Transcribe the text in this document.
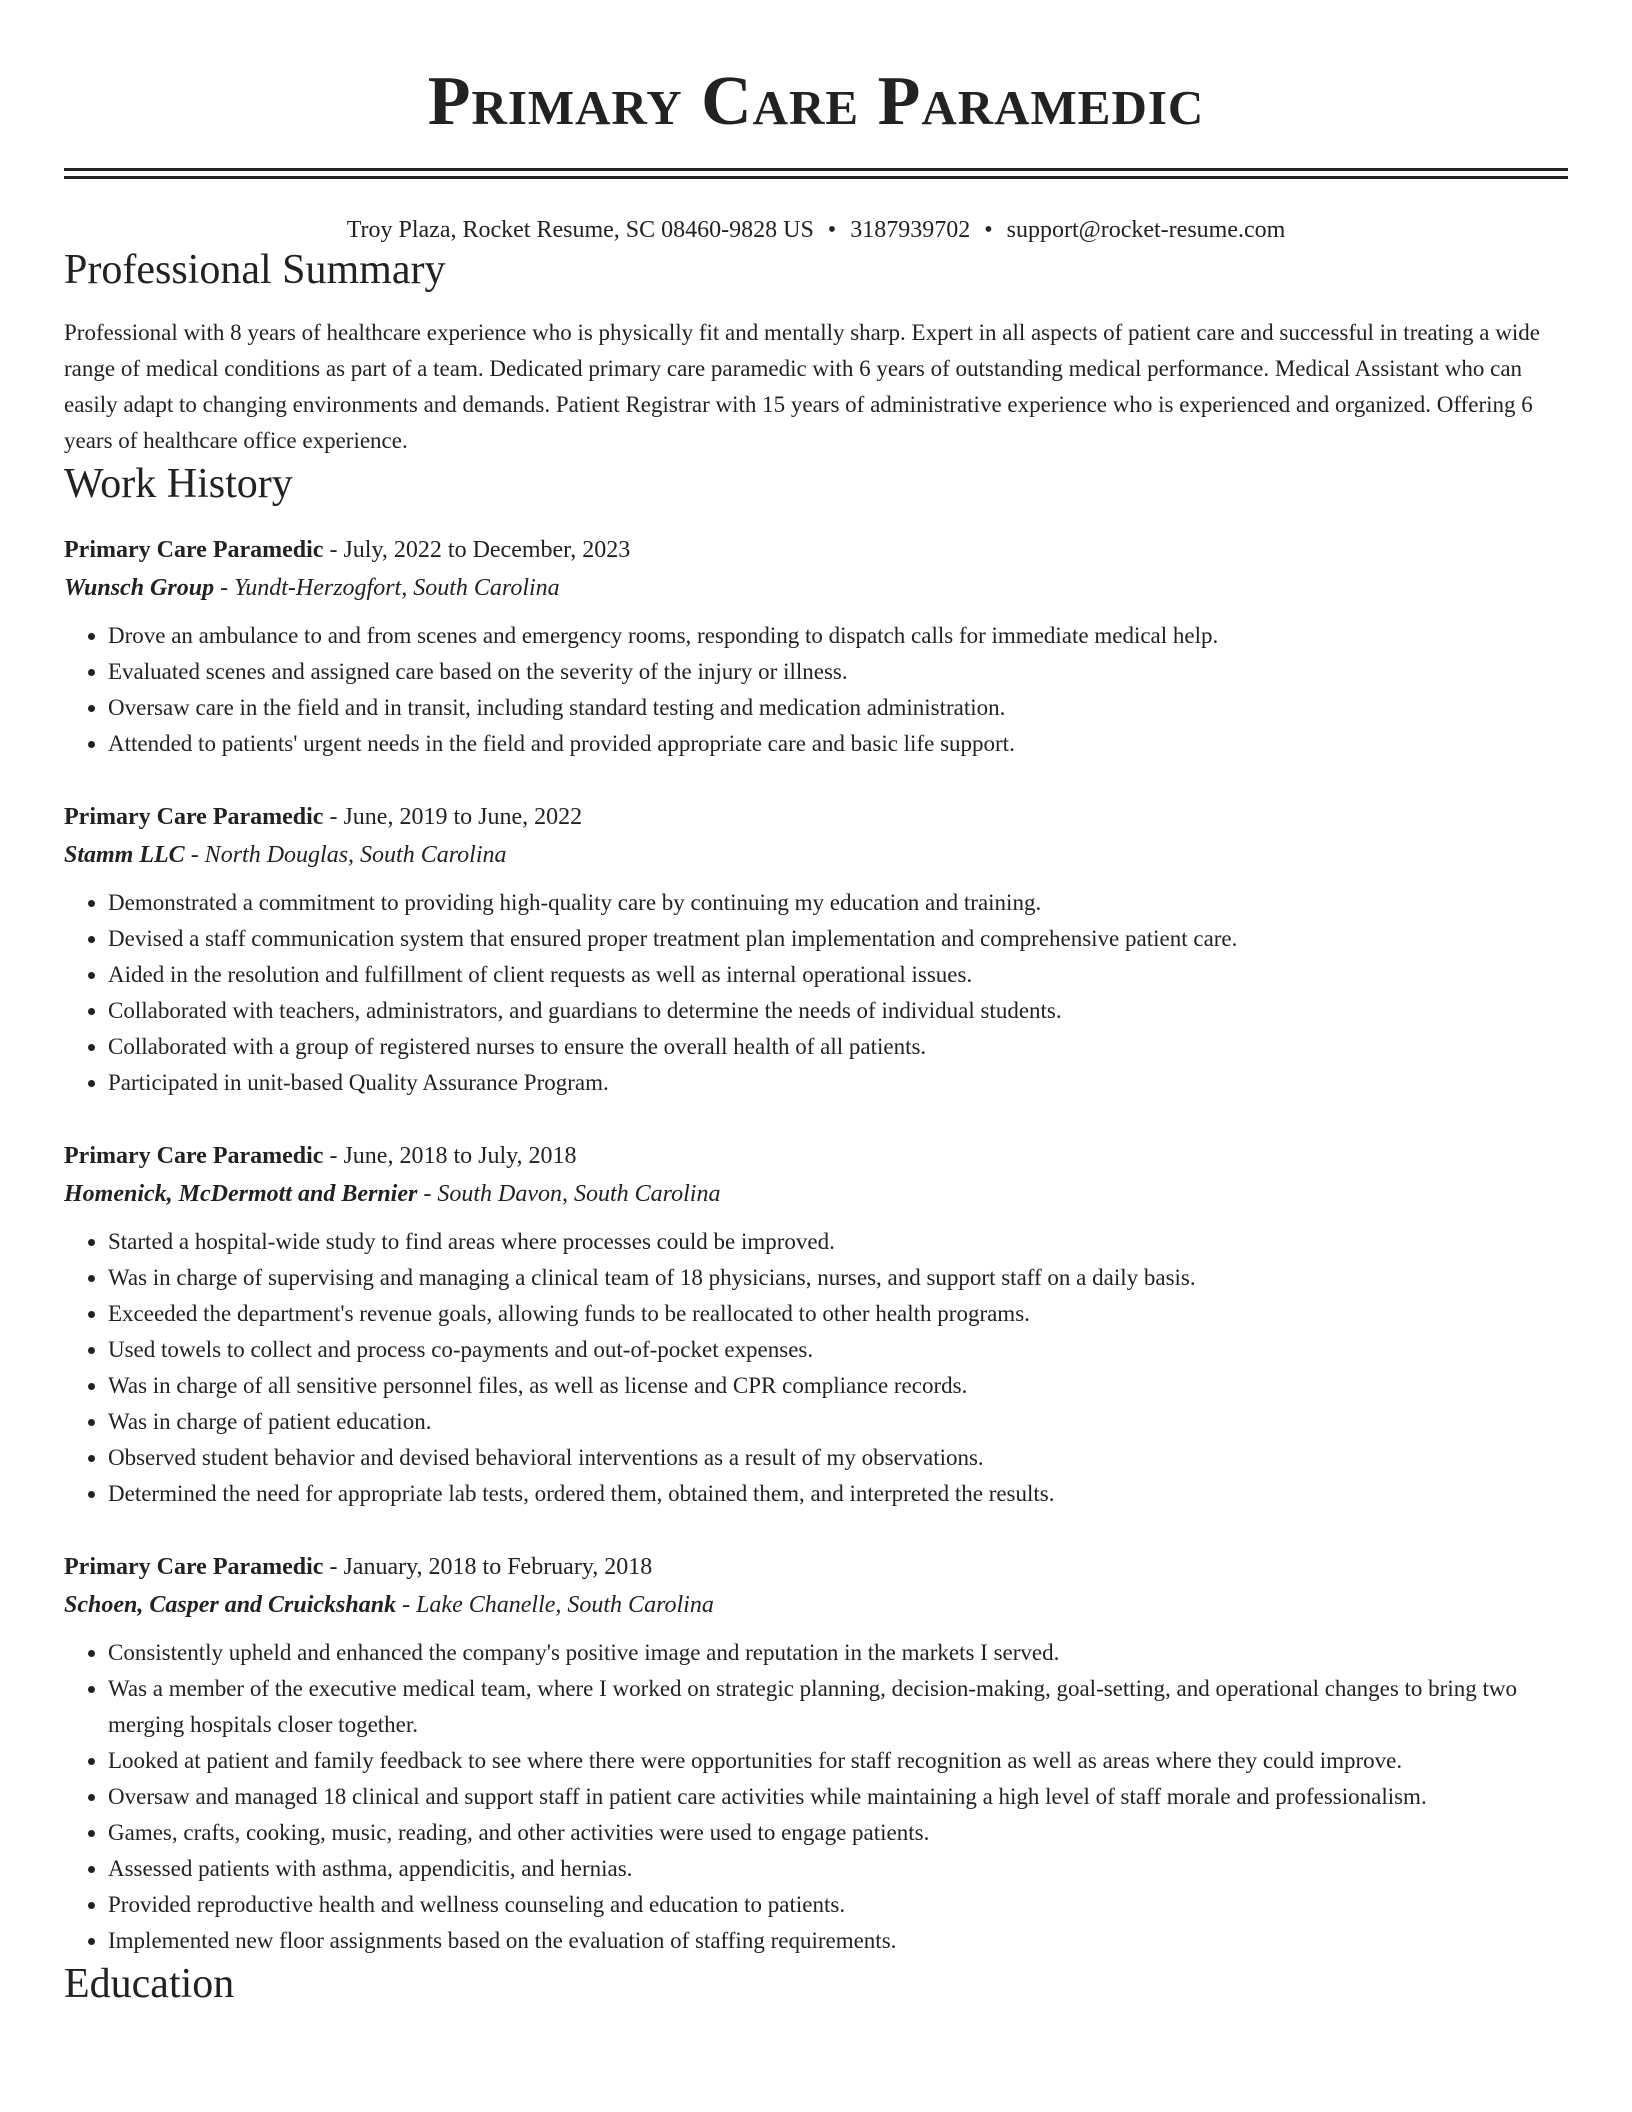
Primary Care Paramedic
Troy Plaza, Rocket Resume, SC 08460-9828 US • 3187939702 • support@rocket-resume.com
Professional Summary
Professional with 8 years of healthcare experience who is physically fit and mentally sharp. Expert in all aspects of patient care and successful in treating a wide range of medical conditions as part of a team. Dedicated primary care paramedic with 6 years of outstanding medical performance. Medical Assistant who can easily adapt to changing environments and demands. Patient Registrar with 15 years of administrative experience who is experienced and organized. Offering 6 years of healthcare office experience.
Work History
Primary Care Paramedic - July, 2022 to December, 2023
Wunsch Group - Yundt-Herzogfort, South Carolina
• Drove an ambulance to and from scenes and emergency rooms, responding to dispatch calls for immediate medical help.
• Evaluated scenes and assigned care based on the severity of the injury or illness.
• Oversaw care in the field and in transit, including standard testing and medication administration.
• Attended to patients' urgent needs in the field and provided appropriate care and basic life support.
Primary Care Paramedic - June, 2019 to June, 2022
Stamm LLC - North Douglas, South Carolina
• Demonstrated a commitment to providing high-quality care by continuing my education and training.
• Devised a staff communication system that ensured proper treatment plan implementation and comprehensive patient care.
• Aided in the resolution and fulfillment of client requests as well as internal operational issues.
• Collaborated with teachers, administrators, and guardians to determine the needs of individual students.
• Collaborated with a group of registered nurses to ensure the overall health of all patients.
• Participated in unit-based Quality Assurance Program.
Primary Care Paramedic - June, 2018 to July, 2018
Homenick, McDermott and Bernier - South Davon, South Carolina
• Started a hospital-wide study to find areas where processes could be improved.
• Was in charge of supervising and managing a clinical team of 18 physicians, nurses, and support staff on a daily basis.
• Exceeded the department's revenue goals, allowing funds to be reallocated to other health programs.
• Used towels to collect and process co-payments and out-of-pocket expenses.
• Was in charge of all sensitive personnel files, as well as license and CPR compliance records.
• Was in charge of patient education.
• Observed student behavior and devised behavioral interventions as a result of my observations.
• Determined the need for appropriate lab tests, ordered them, obtained them, and interpreted the results.
Primary Care Paramedic - January, 2018 to February, 2018
Schoen, Casper and Cruickshank - Lake Chanelle, South Carolina
• Consistently upheld and enhanced the company's positive image and reputation in the markets I served.
• Was a member of the executive medical team, where I worked on strategic planning, decision-making, goal-setting, and operational changes to bring two merging hospitals closer together.
• Looked at patient and family feedback to see where there were opportunities for staff recognition as well as areas where they could improve.
• Oversaw and managed 18 clinical and support staff in patient care activities while maintaining a high level of staff morale and professionalism.
• Games, crafts, cooking, music, reading, and other activities were used to engage patients.
• Assessed patients with asthma, appendicitis, and hernias.
• Provided reproductive health and wellness counseling and education to patients.
• Implemented new floor assignments based on the evaluation of staffing requirements.
Education
